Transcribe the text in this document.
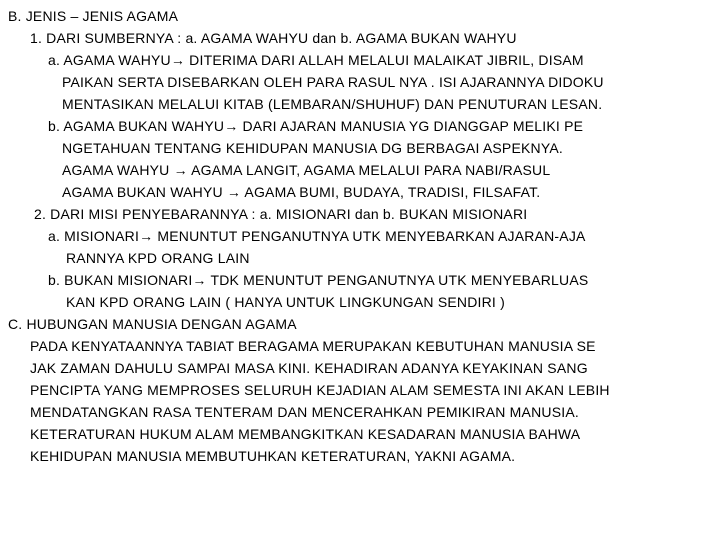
B. JENIS – JENIS AGAMA
1. DARI SUMBERNYA : a. AGAMA WAHYU dan b. AGAMA BUKAN WAHYU
a. AGAMA WAHYU→ DITERIMA DARI ALLAH MELALUI MALAIKAT JIBRIL, DISAM
PAIKAN SERTA DISEBARKAN OLEH PARA RASUL NYA . ISI AJARANNYA DIDOKU
MENTASIKAN MELALUI KITAB (LEMBARAN/SHUHUF) DAN PENUTURAN LESAN.
b. AGAMA BUKAN WAHYU→ DARI AJARAN MANUSIA YG DIANGGAP MELIKI PE
NGETAHUAN TENTANG KEHIDUPAN MANUSIA DG BERBAGAI ASPEKNYA.
AGAMA WAHYU → AGAMA LANGIT, AGAMA MELALUI PARA NABI/RASUL
AGAMA BUKAN WAHYU → AGAMA BUMI, BUDAYA, TRADISI, FILSAFAT.
2. DARI MISI PENYEBARANNYA : a. MISIONARI dan b. BUKAN MISIONARI
a. MISIONARI→ MENUNTUT PENGANUTNYA UTK MENYEBARKAN AJARAN-AJA
RANNYA KPD ORANG LAIN
b. BUKAN MISIONARI→ TDK MENUNTUT PENGANUTNYA UTK MENYEBARLUAS
KAN KPD ORANG LAIN ( HANYA UNTUK LINGKUNGAN SENDIRI )
C. HUBUNGAN MANUSIA DENGAN AGAMA
PADA KENYATAANNYA TABIAT BERAGAMA MERUPAKAN KEBUTUHAN MANUSIA SE
JAK ZAMAN DAHULU SAMPAI MASA KINI. KEHADIRAN ADANYA KEYAKINAN SANG
PENCIPTA YANG MEMPROSES SELURUH KEJADIAN ALAM SEMESTA INI AKAN LEBIH
MENDATANGKAN RASA TENTERAM DAN MENCERAHKAN PEMIKIRAN MANUSIA.
KETERATURAN HUKUM ALAM MEMBANGKITKAN KESADARAN MANUSIA BAHWA
KEHIDUPAN MANUSIA MEMBUTUHKAN KETERATURAN, YAKNI AGAMA.
